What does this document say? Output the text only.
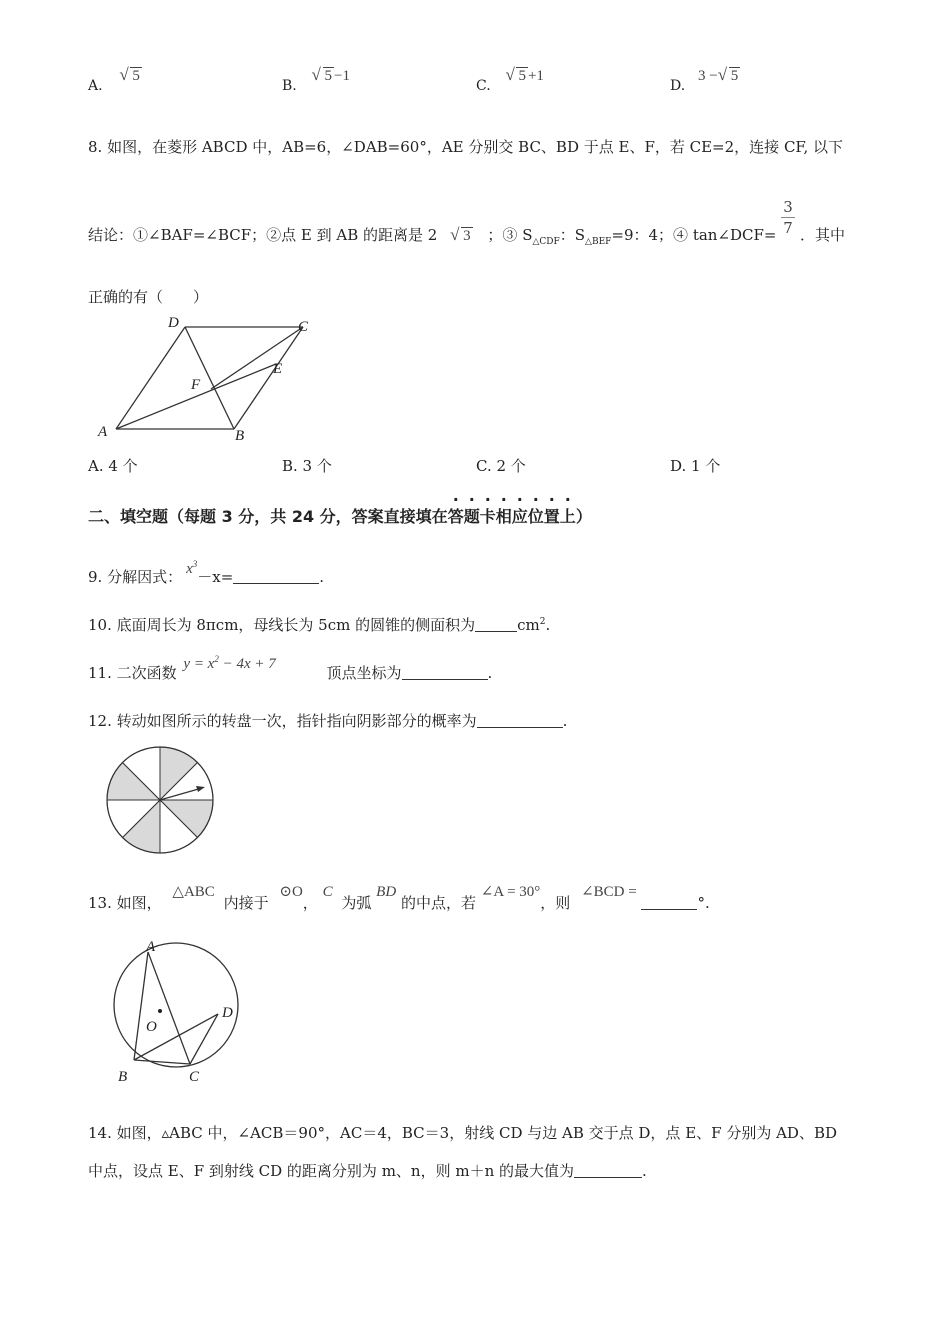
A.
√ 5
B.
√ 5 −1
C.
√ 5 +1
D. 3 − √ 5
8. 如图，在菱形 ABCD 中，AB=6，∠DAB=60°，AE 分别交 BC、BD 于点 E、F，若 CE=2，连接 CF, 以下
结论：①∠BAF=∠BCF；②点 E 到 AB 的距离是 2 √ 3 ；③ $S_{\triangle CDF}$：$S_{\triangle BEF}=9$：4；④ tan∠DCF=
3
7 ．其中
正确的有（　　）
A	B
C
D
E
F
A. 4 个	B. 3 个	C. 2 个	D. 1 个
二、填空题（每题 3 分，共 24 分，答案直接填在答题卡相应位置上）
9. 分解因式： $x^3-x=$	.
10. 底面周长为 8πcm，母线长为 5cm 的圆锥的侧面积为	$cm^2$.
11. 二次函数 $y = x^2 - 4x + 7$	顶点坐标为	.
12. 转动如图所示的转盘一次，指针指向阴影部分的概率为	.
13. 如图， △ABC 内接于 ⊙O， C 为弧 BD 的中点，若 ∠A = 30°，则 ∠BCD = °.
A
B	C
D
O
14. 如图，▵ABC 中，∠ACB＝90°，AC＝4，BC＝3，射线 CD 与边 AB 交于点 D，点 E、F 分别为 AD、BD
中点，设点 E、F 到射线 CD 的距离分别为 m、n，则 m＋n 的最大值为	.
